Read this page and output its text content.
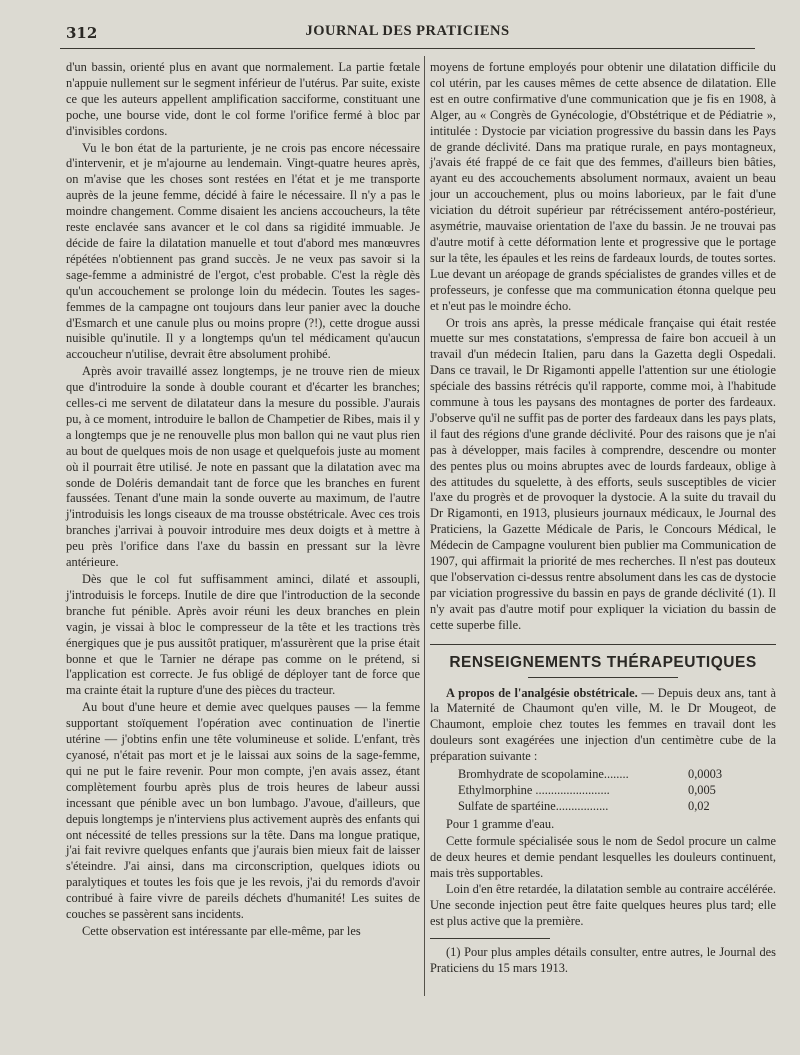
312	JOURNAL DES PRATICIENS

d'un bassin, orienté plus en avant que normalement. La partie fœtale n'appuie nullement sur le segment inférieur de l'utérus. Par suite, existe ce que les auteurs appellent amplification sacciforme, constituant une poche, une bourse vide, dont le col forme l'orifice fermé à bloc par d'invisibles cordons.

Vu le bon état de la parturiente, je ne crois pas encore nécessaire d'intervenir, et je m'ajourne au lendemain. Vingt-quatre heures après, on m'avise que les choses sont restées en l'état et je me transporte auprès de la jeune femme, décidé à faire le nécessaire. Il n'y a pas le moindre changement. Comme disaient les anciens accoucheurs, la tête reste enclavée sans avancer et le col dans sa rigidité immuable. Je décide de faire la dilatation manuelle et tout d'abord mes manœuvres répétées n'obtiennent pas grand succès. Je ne veux pas savoir si la sage-femme a administré de l'ergot, c'est probable. C'est la règle dès qu'un accouchement se prolonge loin du médecin. Toutes les sages-femmes de la campagne ont toujours dans leur panier avec la douche d'Esmarch et une canule plus ou moins propre (?!), cette drogue aussi nuisible qu'inutile. Il y a longtemps qu'un tel médicament qu'aucun accoucheur n'utilise, devrait être absolument prohibé.

Après avoir travaillé assez longtemps, je ne trouve rien de mieux que d'introduire la sonde à double courant et d'écarter les branches; celles-ci me servent de dilatateur dans la mesure du possible. J'aurais pu, à ce moment, introduire le ballon de Champetier de Ribes, mais il y a longtemps que je ne renouvelle plus mon ballon qui ne vaut plus rien au bout de quelques mois de non usage et quelquefois juste au moment où il pourrait être utilisé. Je note en passant que la dilatation avec ma sonde de Doléris demandait tant de force que les branches en furent faussées. Tenant d'une main la sonde ouverte au maximum, de l'autre j'introduisis les longs ciseaux de ma trousse obstétricale. Avec ces trois branches j'arrivai à pouvoir introduire mes deux doigts et à mettre à peu près l'orifice dans l'axe du bassin en pressant sur la lèvre antérieure.

Dès que le col fut suffisamment aminci, dilaté et assoupli, j'introduisis le forceps. Inutile de dire que l'introduction de la seconde branche fut pénible. Après avoir réuni les deux branches en plein vagin, je vissai à bloc le compresseur de la tête et les tractions très énergiques que je pus aussitôt pratiquer, m'assurèrent que la prise était bonne et que le Tarnier ne dérape pas comme on le prétend, si l'application est correcte. Je fus obligé de déployer tant de force que ma crainte était la rupture d'une des pièces du tracteur.

Au bout d'une heure et demie avec quelques pauses — la femme supportant stoïquement l'opération avec continuation de l'inertie utérine — j'obtins enfin une tête volumineuse et solide. L'enfant, très cyanosé, n'était pas mort et je le laissai aux soins de la sage-femme, qui ne put le faire revenir. Pour mon compte, j'en avais assez, étant complètement fourbu après plus de trois heures de labeur aussi incessant que pénible avec un bon lumbago. J'avoue, d'ailleurs, que depuis longtemps je n'interviens plus activement auprès des enfants qui ont nécessité de telles pressions sur la tête. Dans ma longue pratique, j'ai fait revivre quelques enfants que j'aurais bien mieux fait de laisser s'éteindre. J'ai ainsi, dans ma circonscription, quelques idiots ou paralytiques et toutes les fois que je les revois, j'ai du remords d'avoir contribué à faire vivre de pareils déchets d'humanité! Les suites de couches se passèrent sans incidents.

Cette observation est intéressante par elle-même, par les

moyens de fortune employés pour obtenir une dilatation difficile du col utérin, par les causes mêmes de cette absence de dilatation. Elle est en outre confirmative d'une communication que je fis en 1908, à Alger, au « Congrès de Gynécologie, d'Obstétrique et de Pédiatrie », intitulée : Dystocie par viciation progressive du bassin dans les Pays de grande déclivité. Dans ma pratique rurale, en pays montagneux, j'avais été frappé de ce fait que des femmes, d'ailleurs bien bâties, ayant eu des accouchements absolument normaux, avaient un beau jour un accouchement, plus ou moins laborieux, par le fait d'une viciation du détroit supérieur par rétrécissement antéro-postérieur, asymétrie, mauvaise orientation de l'axe du bassin. Je ne trouvai pas d'autre motif à cette déformation lente et progressive que le portage sur la tête, les épaules et les reins de fardeaux lourds, de toutes sortes. Lue devant un aréopage de grands spécialistes de grandes villes et de professeurs, je confesse que ma communication étonna quelque peu et n'eut pas le moindre écho.

Or trois ans après, la presse médicale française qui était restée muette sur mes constatations, s'empressa de faire bon accueil à un travail d'un médecin Italien, paru dans la Gazetta degli Ospedali. Dans ce travail, le Dr Rigamonti appelle l'attention sur une étiologie spéciale des bassins rétrécis qu'il rapporte, comme moi, à l'habitude commune à tous les paysans des montagnes de porter des fardeaux. J'observe qu'il ne suffit pas de porter des fardeaux dans les pays plats, il faut des régions d'une grande déclivité. Pour des raisons que je n'ai pas à développer, mais faciles à comprendre, descendre ou monter des pentes plus ou moins abruptes avec de lourds fardeaux, oblige à des attitudes du squelette, à des efforts, seuls susceptibles de vicier l'axe du progrès et de provoquer la dystocie. A la suite du travail du Dr Rigamonti, en 1913, plusieurs journaux médicaux, le Journal des Praticiens, la Gazette Médicale de Paris, le Concours Médical, le Médecin de Campagne voulurent bien publier ma Communication de 1907, qui affirmait la priorité de mes recherches. Il n'est pas douteux que l'observation ci-dessus rentre absolument dans les cas de dystocie par viciation progressive du bassin en pays de grande déclivité (1). Il n'y avait pas d'autre motif pour expliquer la viciation du bassin de cette superbe fille.

RENSEIGNEMENTS THÉRAPEUTIQUES

A propos de l'analgésie obstétricale. — Depuis deux ans, tant à la Maternité de Chaumont qu'en ville, M. le Dr Mougeot, de Chaumont, emploie chez toutes les femmes en travail dont les douleurs sont exagérées une injection d'un centimètre cube de la préparation suivante :

Bromhydrate de scopolamine........	0,0003
Ethylmorphine ........................	0,005
Sulfate de spartéine.................	0,02

Pour 1 gramme d'eau.

Cette formule spécialisée sous le nom de Sedol procure un calme de deux heures et demie pendant lesquelles les douleurs continuent, mais très supportables.

Loin d'en être retardée, la dilatation semble au contraire accélérée. Une seconde injection peut être faite quelques heures plus tard; elle est plus active que la première.

(1) Pour plus amples détails consulter, entre autres, le Journal des Praticiens du 15 mars 1913.
